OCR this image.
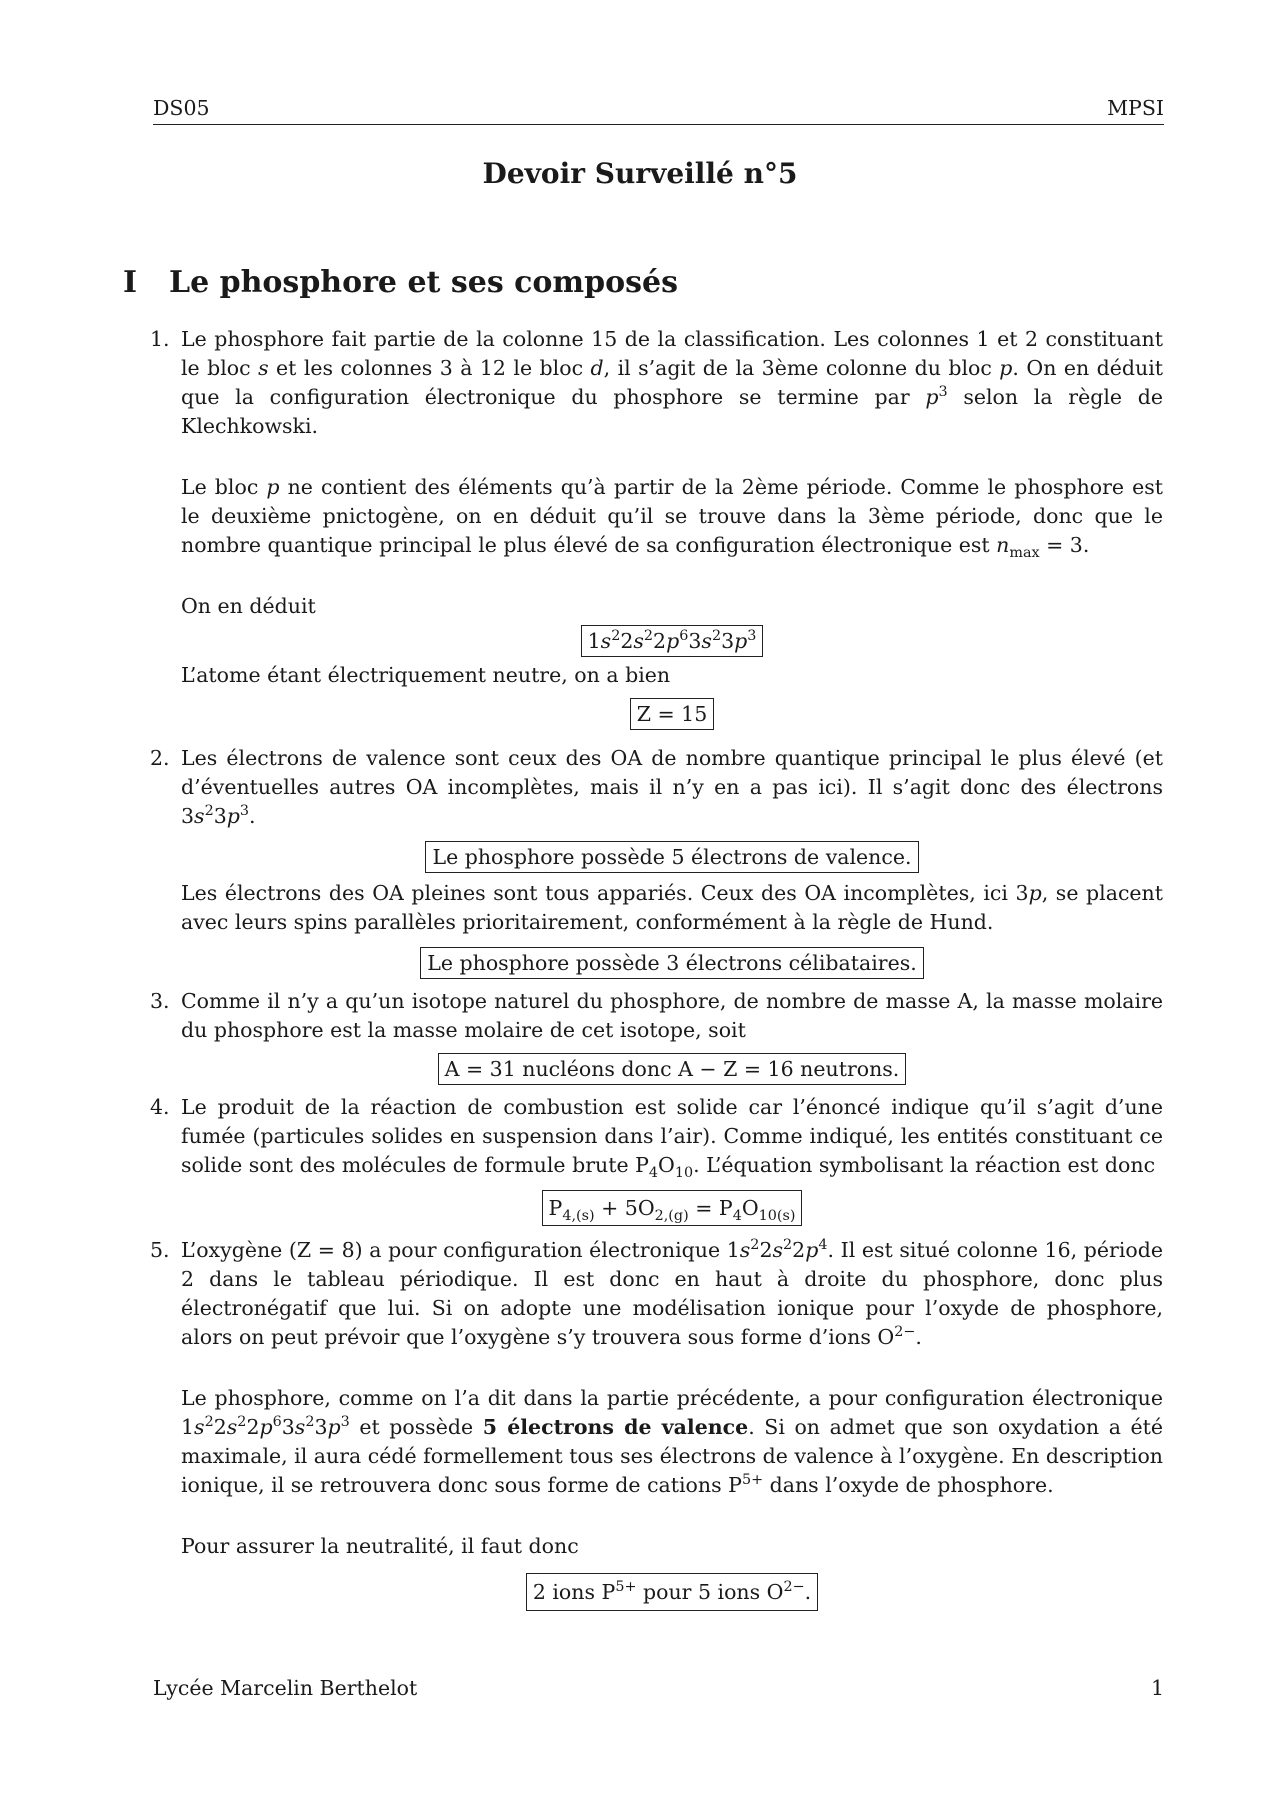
DS05	MPSI
Devoir Surveillé n°5
I Le phosphore et ses composés
1. Le phosphore fait partie de la colonne 15 de la classification. Les colonnes 1 et 2 constituant le bloc s et les colonnes 3 à 12 le bloc d, il s’agit de la 3ème colonne du bloc p. On en déduit que la configuration électronique du phosphore se termine par $p^3$ selon la règle de Klechkowski.

Le bloc p ne contient des éléments qu’à partir de la 2ème période. Comme le phosphore est le deuxième pnictogène, on en déduit qu’il se trouve dans la 3ème période, donc que le nombre quantique principal le plus élevé de sa configuration électronique est $n_{max} = 3$.

On en déduit

$1s^22s^22p^63s^23p^3$

L’atome étant électriquement neutre, on a bien

Z = 15

2. Les électrons de valence sont ceux des OA de nombre quantique principal le plus élevé (et d’éventuelles autres OA incomplètes, mais il n’y en a pas ici). Il s’agit donc des électrons $3s^23p^3$.

Le phosphore possède 5 électrons de valence.

Les électrons des OA pleines sont tous appariés. Ceux des OA incomplètes, ici 3p, se placent avec leurs spins parallèles prioritairement, conformément à la règle de Hund.

Le phosphore possède 3 électrons célibataires.

3. Comme il n’y a qu’un isotope naturel du phosphore, de nombre de masse A, la masse molaire du phosphore est la masse molaire de cet isotope, soit

A = 31 nucléons donc A − Z = 16 neutrons.

4. Le produit de la réaction de combustion est solide car l’énoncé indique qu’il s’agit d’une fumée (particules solides en suspension dans l’air). Comme indiqué, les entités constituant ce solide sont des molécules de formule brute $P_4O_{10}$. L’équation symbolisant la réaction est donc

$P_{4,(s)} + 5O_{2,(g)} = P_4O_{10(s)}$

5. L’oxygène (Z = 8) a pour configuration électronique $1s^22s^22p^4$. Il est situé colonne 16, période 2 dans le tableau périodique. Il est donc en haut à droite du phosphore, donc plus électronégatif que lui. Si on adopte une modélisation ionique pour l’oxyde de phosphore, alors on peut prévoir que l’oxygène s’y trouvera sous forme d’ions $O^{2-}$.

Le phosphore, comme on l’a dit dans la partie précédente, a pour configuration électronique $1s^22s^22p^63s^23p^3$ et possède 5 électrons de valence. Si on admet que son oxydation a été maximale, il aura cédé formellement tous ses électrons de valence à l’oxygène. En description ionique, il se retrouvera donc sous forme de cations $P^{5+}$ dans l’oxyde de phosphore.

Pour assurer la neutralité, il faut donc

2 ions $P^{5+}$ pour 5 ions $O^{2-}$.

Lycée Marcelin Berthelot	1
